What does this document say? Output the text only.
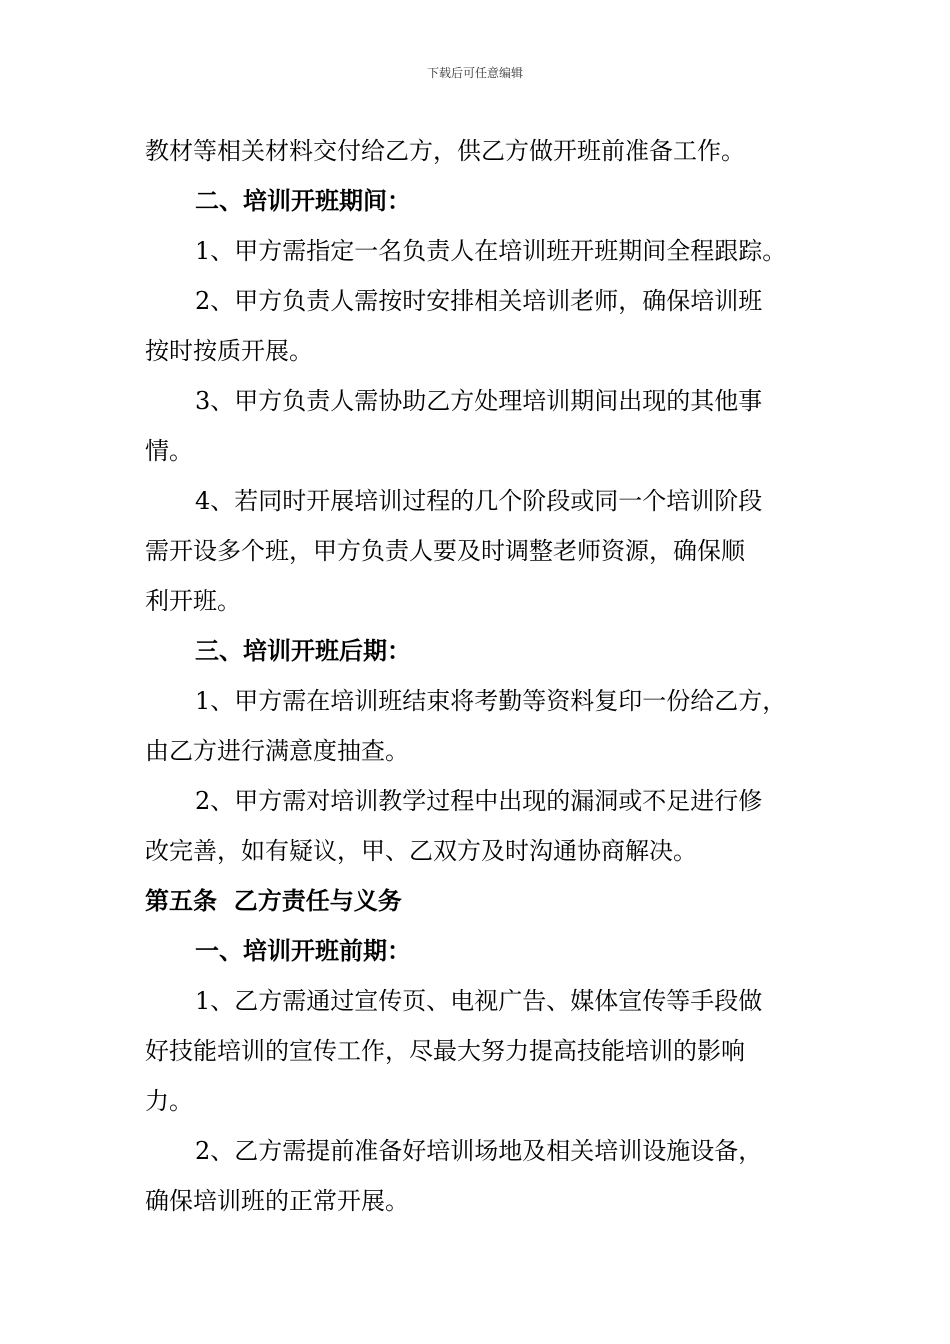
下载后可任意编辑
教材等相关材料交付给乙方，供乙方做开班前准备工作。
二、培训开班期间：
1、甲方需指定一名负责人在培训班开班期间全程跟踪。
2、甲方负责人需按时安排相关培训老师，确保培训班
按时按质开展。
3、甲方负责人需协助乙方处理培训期间出现的其他事
情。
4、若同时开展培训过程的几个阶段或同一个培训阶段
需开设多个班，甲方负责人要及时调整老师资源，确保顺
利开班。
三、培训开班后期：
1、甲方需在培训班结束将考勤等资料复印一份给乙方，
由乙方进行满意度抽查。
2、甲方需对培训教学过程中出现的漏洞或不足进行修
改完善，如有疑议，甲、乙双方及时沟通协商解决。
第五条  乙方责任与义务
一、培训开班前期：
1、乙方需通过宣传页、电视广告、媒体宣传等手段做
好技能培训的宣传工作，尽最大努力提高技能培训的影响
力。
2、乙方需提前准备好培训场地及相关培训设施设备，
确保培训班的正常开展。
